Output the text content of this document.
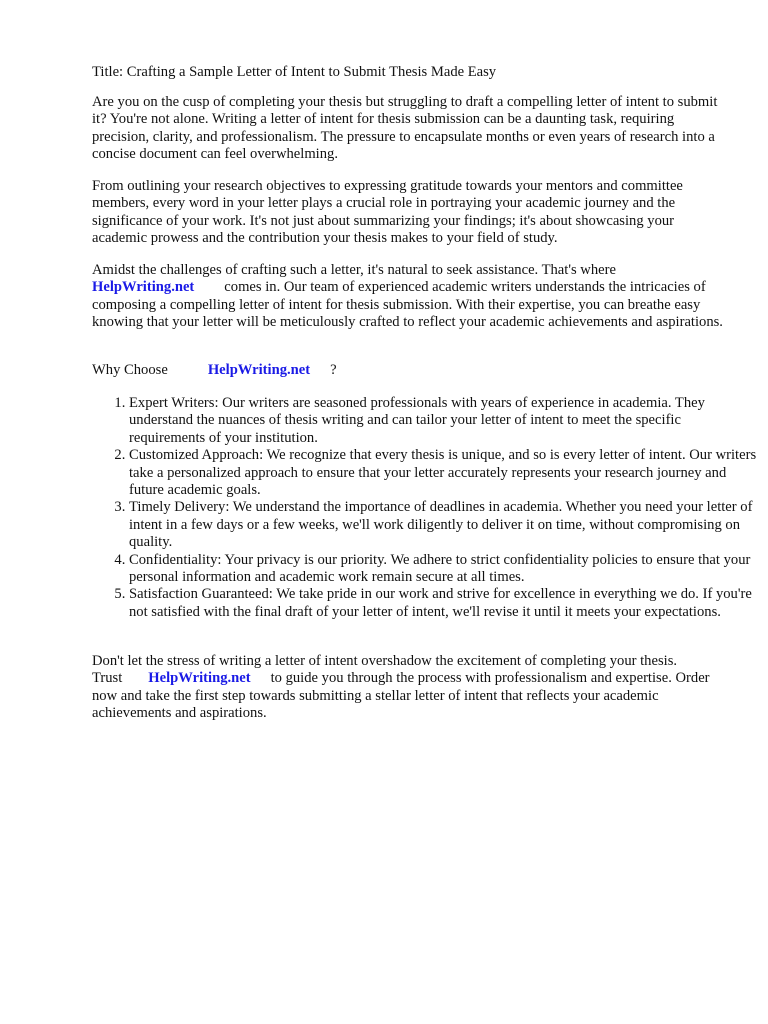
Title: Crafting a Sample Letter of Intent to Submit Thesis Made Easy

Are you on the cusp of completing your thesis but struggling to draft a compelling letter of intent to submit it? You're not alone. Writing a letter of intent for thesis submission can be a daunting task, requiring precision, clarity, and professionalism. The pressure to encapsulate months or even years of research into a concise document can feel overwhelming.

From outlining your research objectives to expressing gratitude towards your mentors and committee members, every word in your letter plays a crucial role in portraying your academic journey and the significance of your work. It's not just about summarizing your findings; it's about showcasing your academic prowess and the contribution your thesis makes to your field of study.

Amidst the challenges of crafting such a letter, it's natural to seek assistance. That's where
HelpWriting.net comes in. Our team of experienced academic writers understands the intricacies of composing a compelling letter of intent for thesis submission. With their expertise, you can breathe easy knowing that your letter will be meticulously crafted to reflect your academic achievements and aspirations.

Why Choose	HelpWriting.net ?
1. Expert Writers: Our writers are seasoned professionals with years of experience in academia. They understand the nuances of thesis writing and can tailor your letter of intent to meet the specific requirements of your institution.
2. Customized Approach: We recognize that every thesis is unique, and so is every letter of intent. Our writers take a personalized approach to ensure that your letter accurately represents your research journey and future academic goals.
3. Timely Delivery: We understand the importance of deadlines in academia. Whether you need your letter of intent in a few days or a few weeks, we'll work diligently to deliver it on time, without compromising on quality.
4. Confidentiality: Your privacy is our priority. We adhere to strict confidentiality policies to ensure that your personal information and academic work remain secure at all times.
5. Satisfaction Guaranteed: We take pride in our work and strive for excellence in everything we do. If you're not satisfied with the final draft of your letter of intent, we'll revise it until it meets your expectations.

Don't let the stress of writing a letter of intent overshadow the excitement of completing your thesis. Trust HelpWriting.net to guide you through the process with professionalism and expertise. Order now and take the first step towards submitting a stellar letter of intent that reflects your academic achievements and aspirations.
